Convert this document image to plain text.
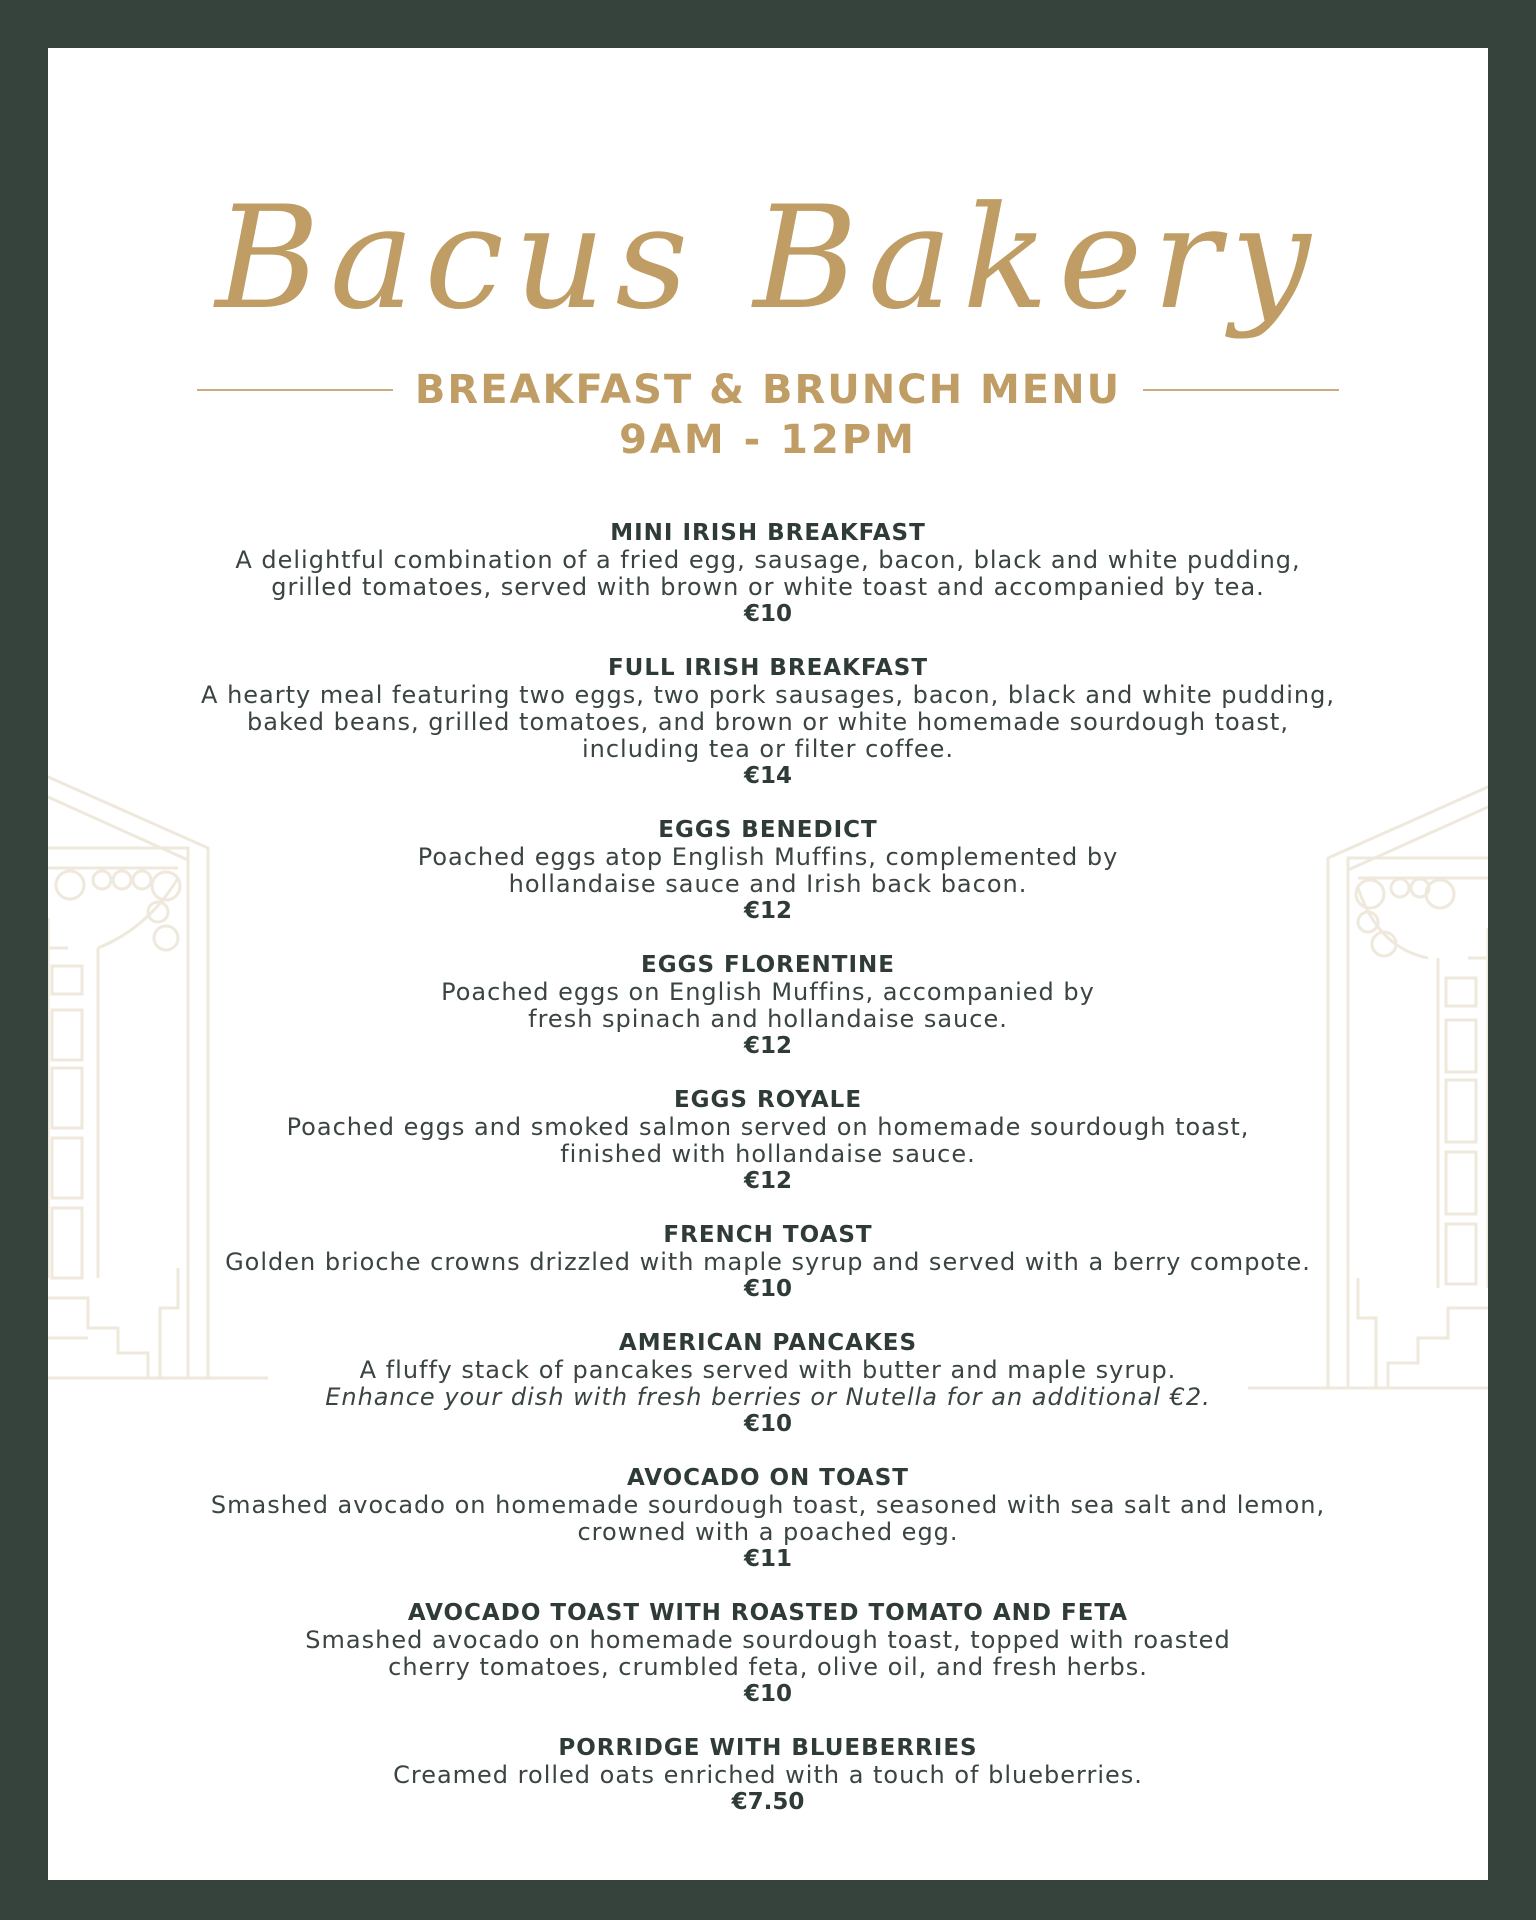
Bacus Bakery
BREAKFAST & BRUNCH MENU
9AM - 12PM
MINI IRISH BREAKFAST
A delightful combination of a fried egg, sausage, bacon, black and white pudding,
grilled tomatoes, served with brown or white toast and accompanied by tea.
€10
FULL IRISH BREAKFAST
A hearty meal featuring two eggs, two pork sausages, bacon, black and white pudding,
baked beans, grilled tomatoes, and brown or white homemade sourdough toast,
including tea or filter coffee.
€14
EGGS BENEDICT
Poached eggs atop English Muffins, complemented by
hollandaise sauce and Irish back bacon.
€12
EGGS FLORENTINE
Poached eggs on English Muffins, accompanied by
fresh spinach and hollandaise sauce.
€12
EGGS ROYALE
Poached eggs and smoked salmon served on homemade sourdough toast,
finished with hollandaise sauce.
€12
FRENCH TOAST
Golden brioche crowns drizzled with maple syrup and served with a berry compote.
€10
AMERICAN PANCAKES
A fluffy stack of pancakes served with butter and maple syrup.
Enhance your dish with fresh berries or Nutella for an additional €2.
€10
AVOCADO ON TOAST
Smashed avocado on homemade sourdough toast, seasoned with sea salt and lemon,
crowned with a poached egg.
€11
AVOCADO TOAST WITH ROASTED TOMATO AND FETA
Smashed avocado on homemade sourdough toast, topped with roasted
cherry tomatoes, crumbled feta, olive oil, and fresh herbs.
€10
PORRIDGE WITH BLUEBERRIES
Creamed rolled oats enriched with a touch of blueberries.
€7.50
